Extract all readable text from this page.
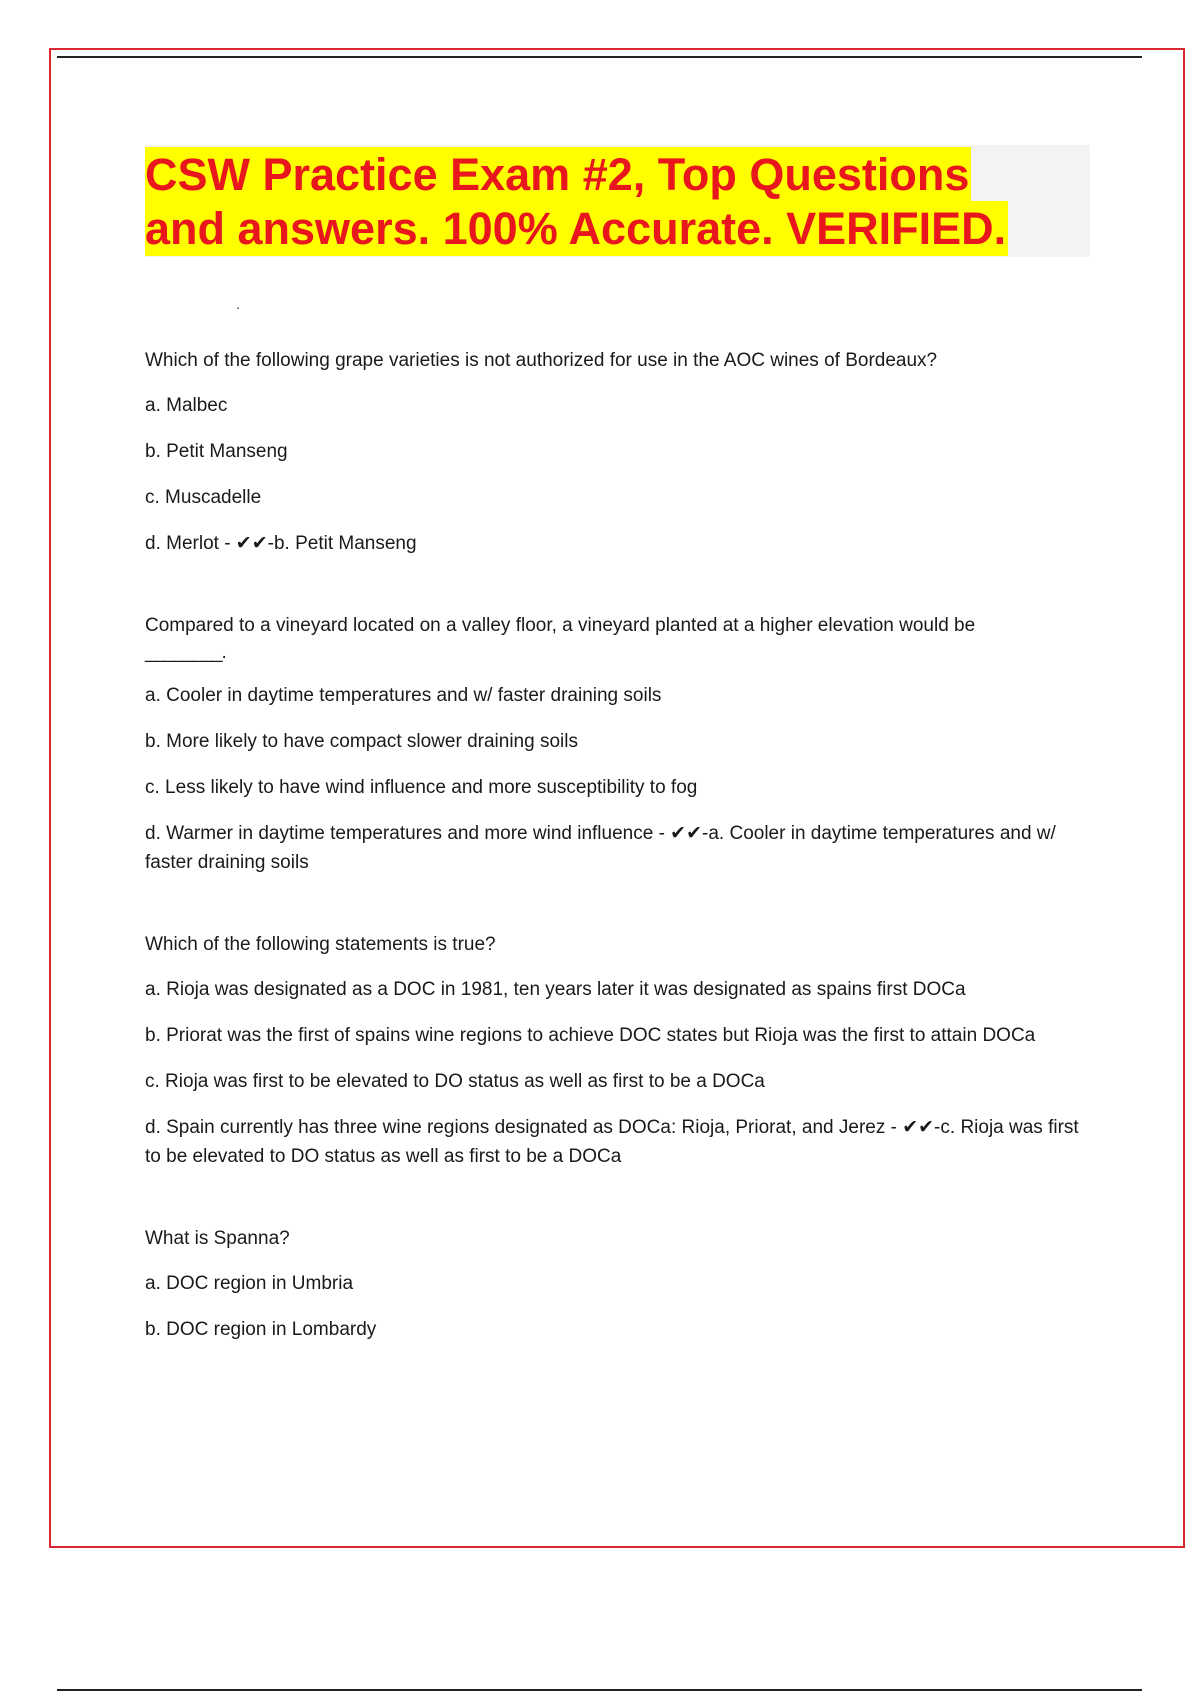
CSW Practice Exam #2, Top Questions
and answers. 100% Accurate. VERIFIED.
.

Which of the following grape varieties is not authorized for use in the AOC wines of Bordeaux?

a. Malbec

b. Petit Manseng

c. Muscadelle

d. Merlot - ✔✔-b. Petit Manseng

Compared to a vineyard located on a valley floor, a vineyard planted at a higher elevation would be

________.

a. Cooler in daytime temperatures and w/ faster draining soils

b. More likely to have compact slower draining soils

c. Less likely to have wind influence and more susceptibility to fog

d. Warmer in daytime temperatures and more wind influence - ✔✔-a. Cooler in daytime temperatures and w/ faster draining soils

Which of the following statements is true?

a. Rioja was designated as a DOC in 1981, ten years later it was designated as spains first DOCa

b. Priorat was the first of spains wine regions to achieve DOC states but Rioja was the first to attain DOCa

c. Rioja was first to be elevated to DO status as well as first to be a DOCa

d. Spain currently has three wine regions designated as DOCa: Rioja, Priorat, and Jerez - ✔✔-c. Rioja was first to be elevated to DO status as well as first to be a DOCa

What is Spanna?

a. DOC region in Umbria

b. DOC region in Lombardy
